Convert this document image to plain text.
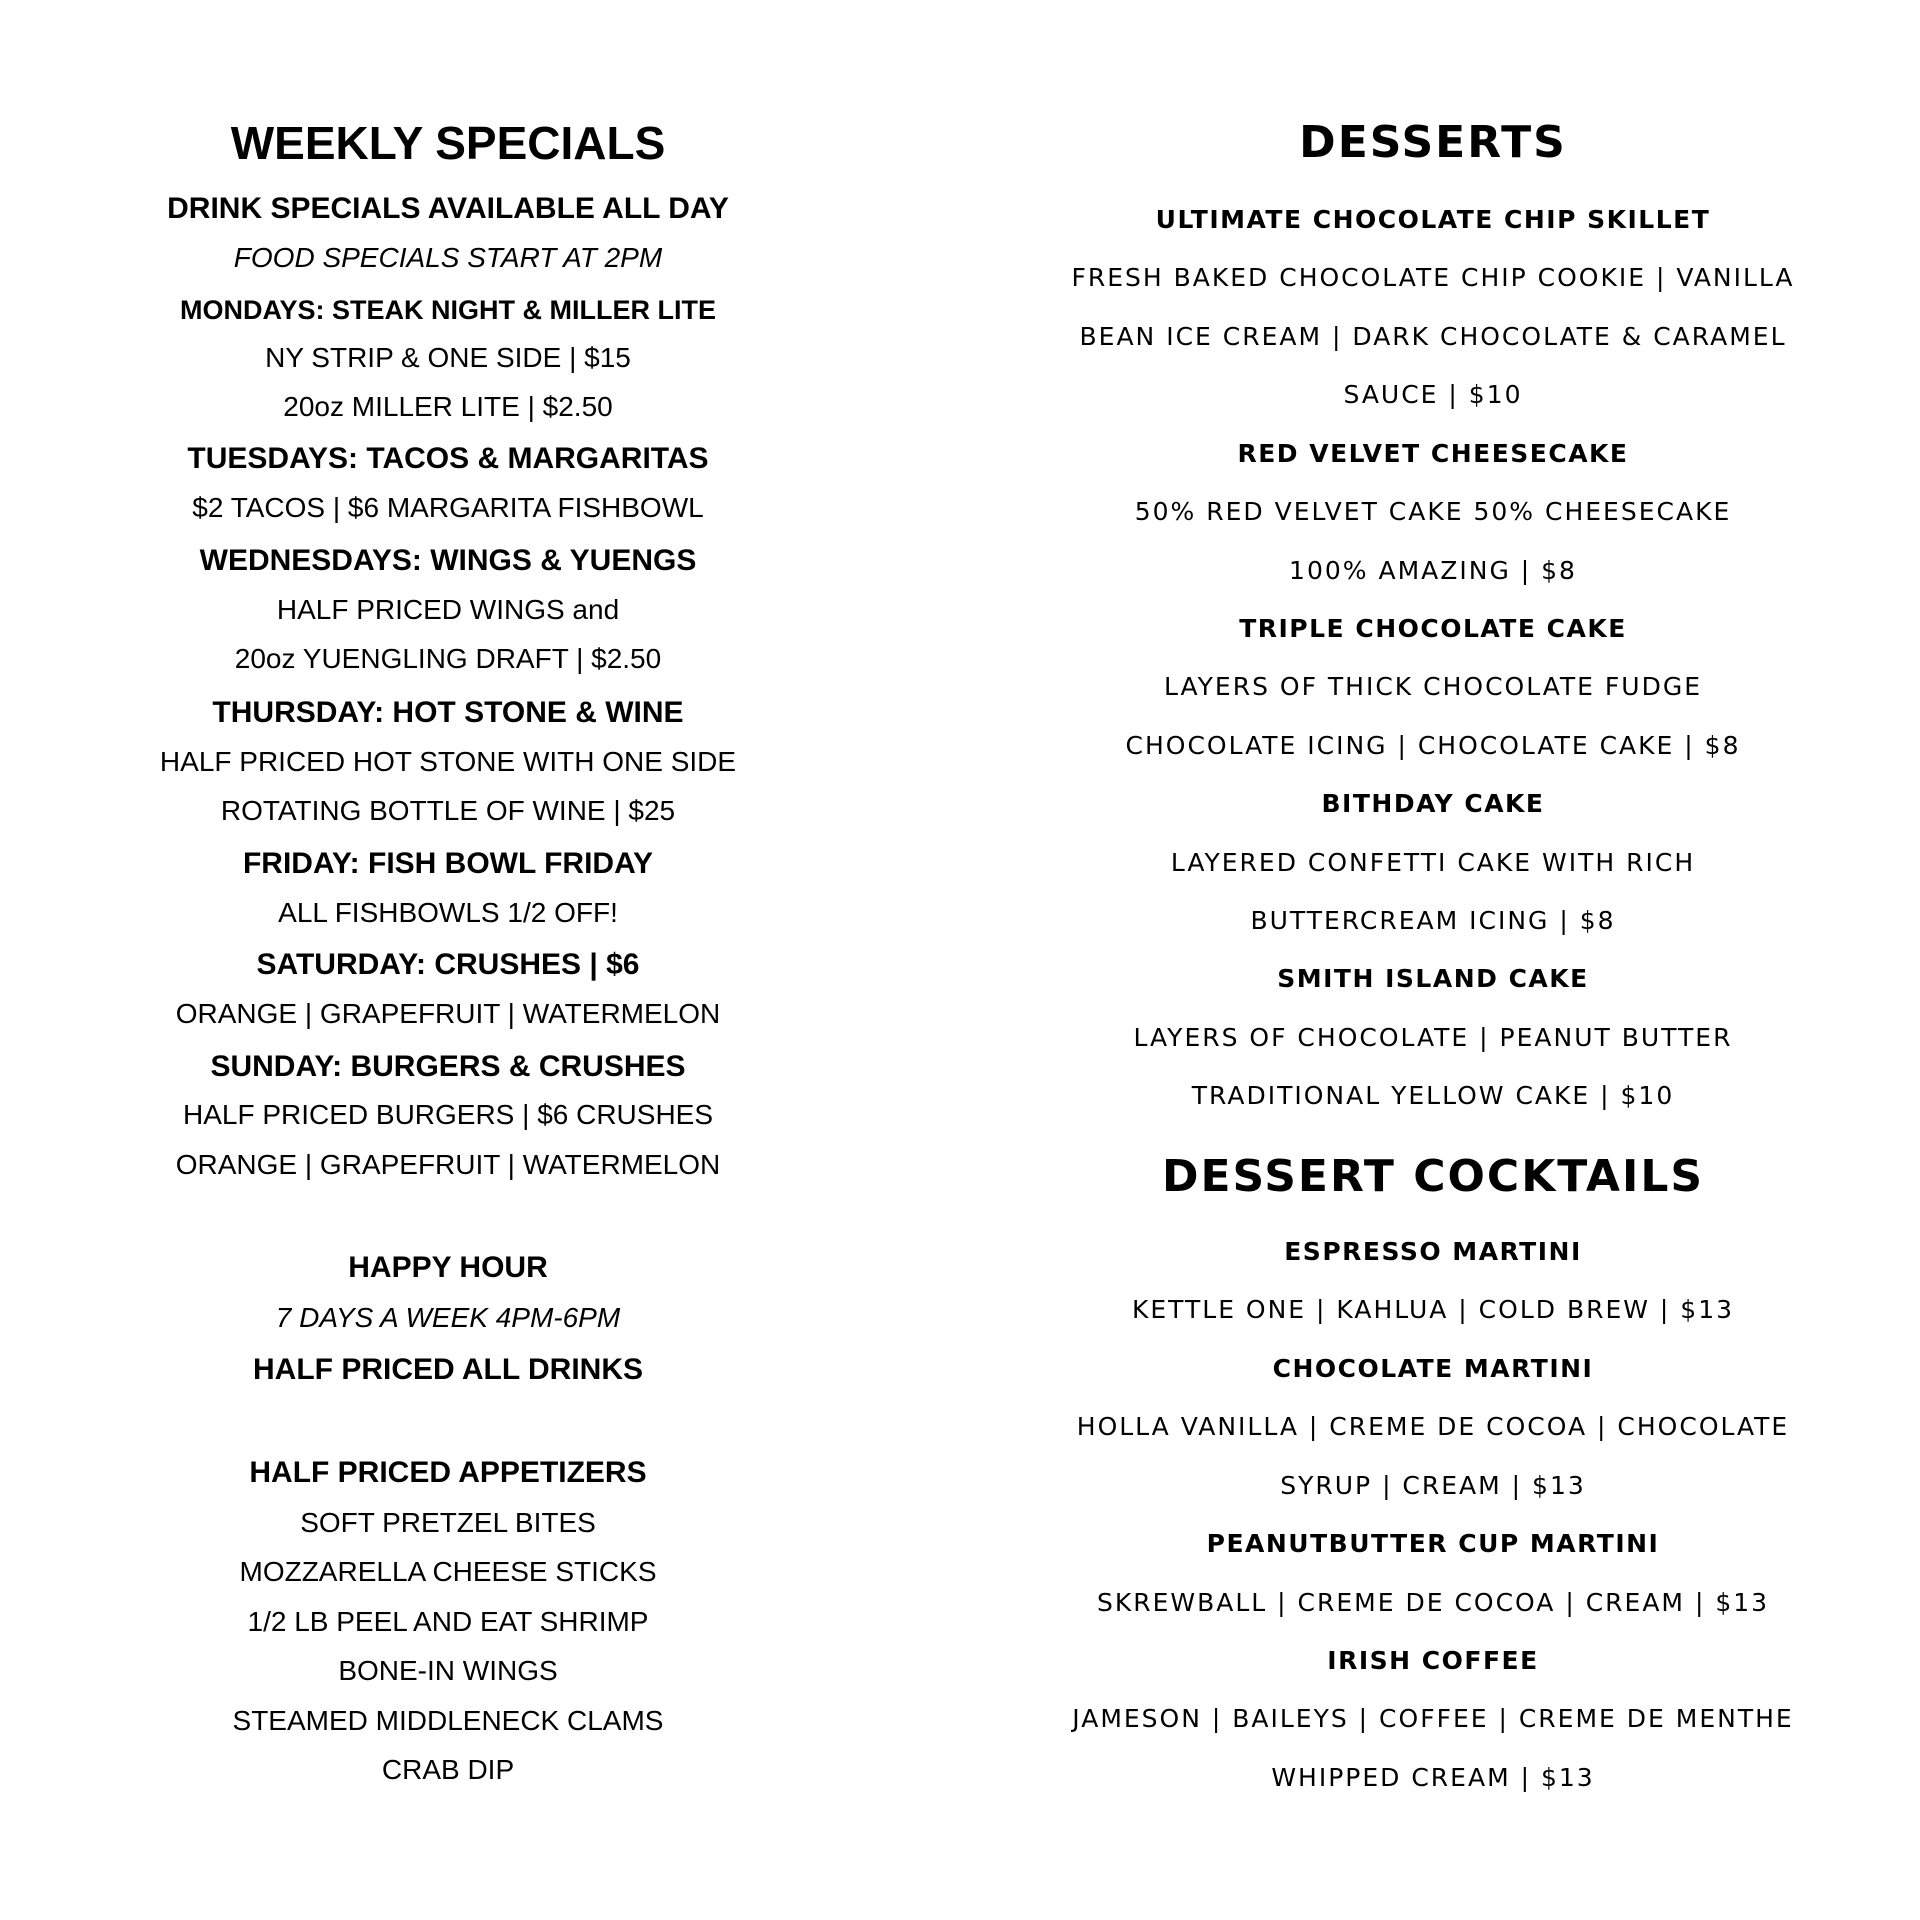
WEEKLY SPECIALS
DRINK SPECIALS AVAILABLE ALL DAY
FOOD SPECIALS START AT 2PM
MONDAYS: STEAK NIGHT & MILLER LITE
NY STRIP & ONE SIDE | $15
20oz MILLER LITE | $2.50
TUESDAYS: TACOS & MARGARITAS
$2 TACOS | $6 MARGARITA FISHBOWL
WEDNESDAYS: WINGS & YUENGS
HALF PRICED WINGS and
20oz YUENGLING DRAFT | $2.50
THURSDAY: HOT STONE & WINE
HALF PRICED HOT STONE WITH ONE SIDE
ROTATING BOTTLE OF WINE | $25
FRIDAY: FISH BOWL FRIDAY
ALL FISHBOWLS 1/2 OFF!
SATURDAY: CRUSHES | $6
ORANGE | GRAPEFRUIT | WATERMELON
SUNDAY: BURGERS & CRUSHES
HALF PRICED BURGERS | $6 CRUSHES
ORANGE | GRAPEFRUIT | WATERMELON
HAPPY HOUR
7 DAYS A WEEK 4PM-6PM
HALF PRICED ALL DRINKS
HALF PRICED APPETIZERS
SOFT PRETZEL BITES
MOZZARELLA CHEESE STICKS
1/2 LB PEEL AND EAT SHRIMP
BONE-IN WINGS
STEAMED MIDDLENECK CLAMS
CRAB DIP
DESSERTS
ULTIMATE CHOCOLATE CHIP SKILLET
FRESH BAKED CHOCOLATE CHIP COOKIE | VANILLA
BEAN ICE CREAM | DARK CHOCOLATE & CARAMEL
SAUCE | $10
RED VELVET CHEESECAKE
50% RED VELVET CAKE 50% CHEESECAKE
100% AMAZING | $8
TRIPLE CHOCOLATE CAKE
LAYERS OF THICK CHOCOLATE FUDGE
CHOCOLATE ICING | CHOCOLATE CAKE | $8
BITHDAY CAKE
LAYERED CONFETTI CAKE WITH RICH
BUTTERCREAM ICING | $8
SMITH ISLAND CAKE
LAYERS OF CHOCOLATE | PEANUT BUTTER
TRADITIONAL YELLOW CAKE | $10
DESSERT COCKTAILS
ESPRESSO MARTINI
KETTLE ONE | KAHLUA | COLD BREW | $13
CHOCOLATE MARTINI
HOLLA VANILLA | CREME DE COCOA | CHOCOLATE
SYRUP | CREAM | $13
PEANUTBUTTER CUP MARTINI
SKREWBALL | CREME DE COCOA | CREAM | $13
IRISH COFFEE
JAMESON | BAILEYS | COFFEE | CREME DE MENTHE
WHIPPED CREAM | $13
